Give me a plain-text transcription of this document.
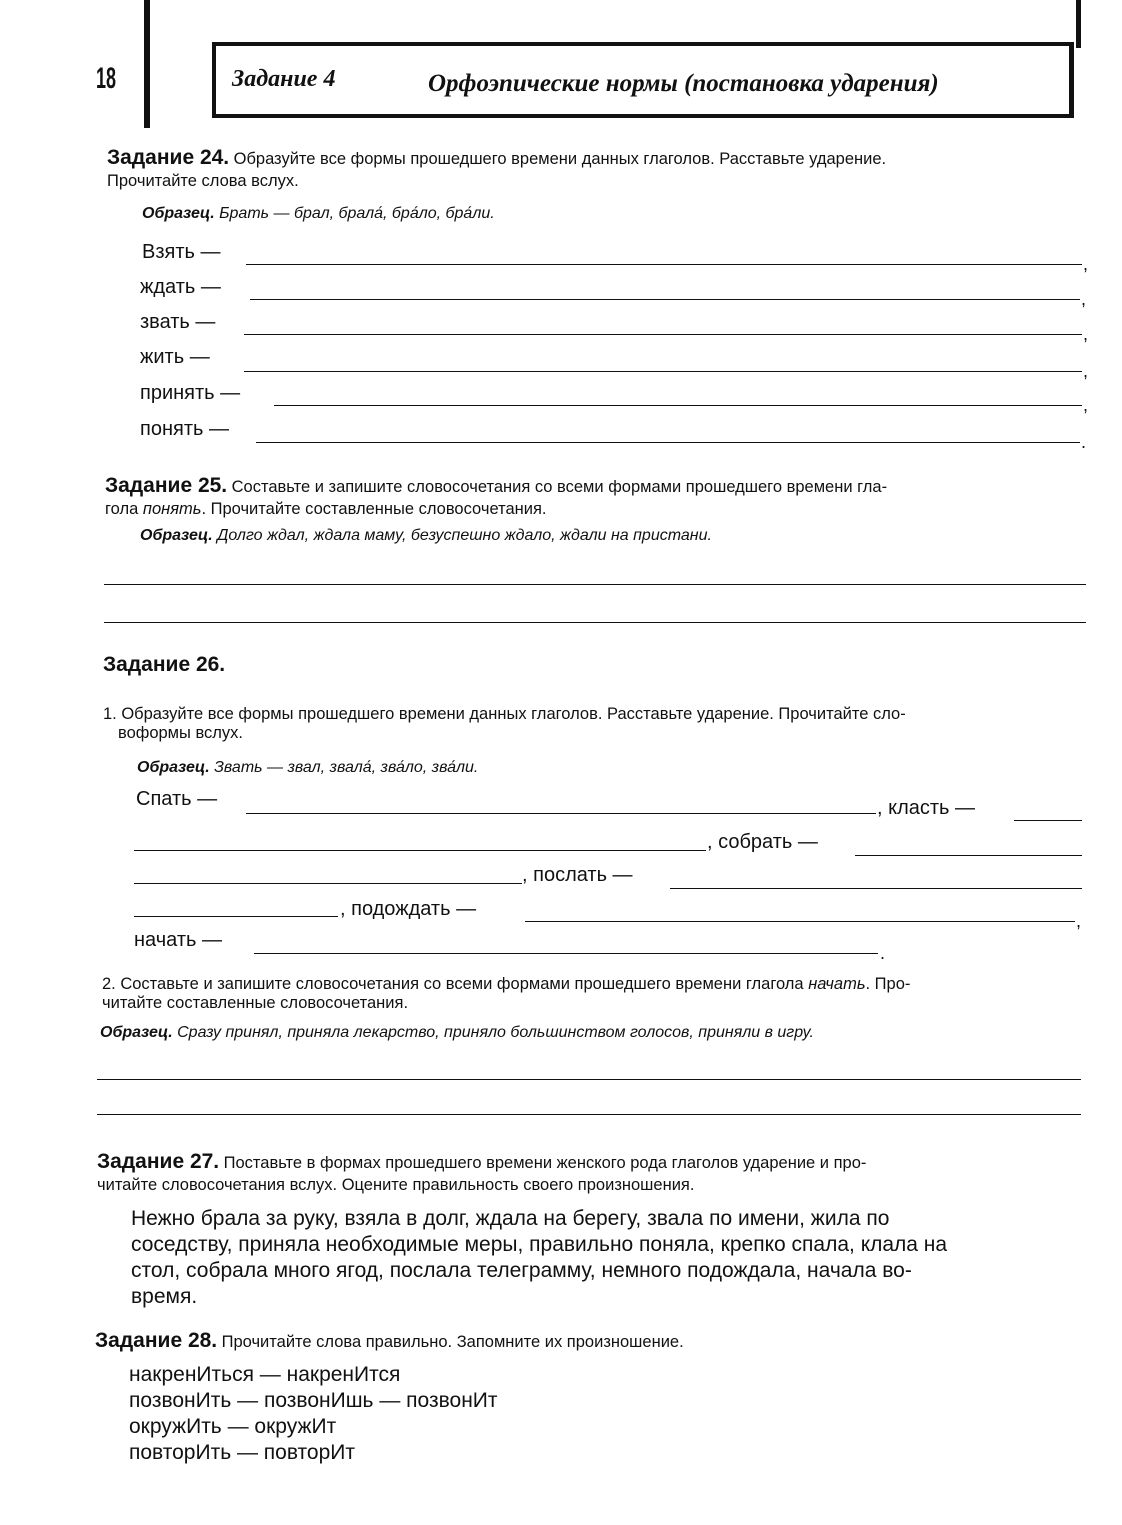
18	Задание 4	Орфоэпические нормы (постановка ударения)
Задание 24. Образуйте все формы прошедшего времени данных глаголов. Расставьте ударение.
Прочитайте слова вслух.
Образец. Брать — брал, брала́, бра́ло, бра́ли.
Взять —
,
ждать —
,
звать —
,
жить —
,
принять —
,
понять —
.
Задание 25. Составьте и запишите словосочетания со всеми формами прошедшего времени гла-
гола понять. Прочитайте составленные словосочетания.
Образец. Долго ждал, ждала маму, безуспешно ждало, ждали на пристани.
Задание 26.
1. Образуйте все формы прошедшего времени данных глаголов. Расставьте ударение. Прочитайте сло-
воформы вслух.
Образец. Звать — звал, звала́, зва́ло, зва́ли.
Спать —	, класть —
, собрать —
, послать —
, подождать —
,
начать —
.
2. Составьте и запишите словосочетания со всеми формами прошедшего времени глагола начать. Про-
читайте составленные словосочетания.
Образец. Сразу принял, приняла лекарство, приняло большинством голосов, приняли в игру.
Задание 27. Поставьте в формах прошедшего времени женского рода глаголов ударение и про-
читайте словосочетания вслух. Оцените правильность своего произношения.
Нежно брала за руку, взяла в долг, ждала на берегу, звала по имени, жила по
соседству, приняла необходимые меры, правильно поняла, крепко спала, клала на
стол, собрала много ягод, послала телеграмму, немного подождала, начала во-
время.
Задание 28. Прочитайте слова правильно. Запомните их произношение.
накренИться — накренИтся
позвонИть — позвонИшь — позвонИт
окружИть — окружИт
повторИть — повторИт
